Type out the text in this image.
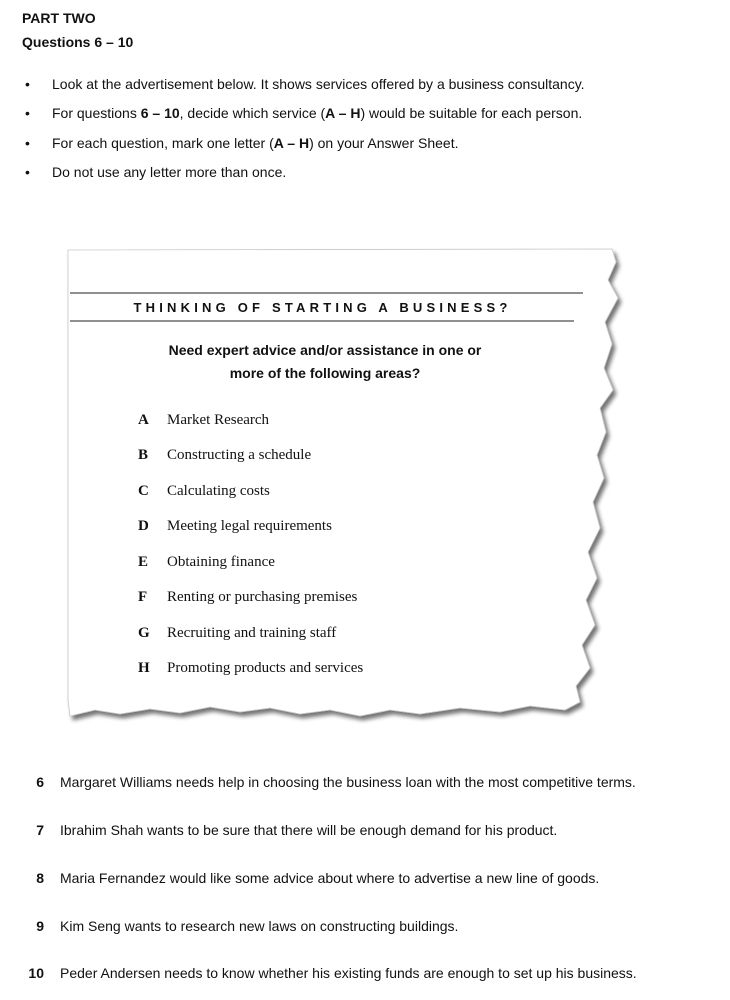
PART TWO
Questions 6 – 10
• Look at the advertisement below. It shows services offered by a business consultancy.
• For questions 6 – 10, decide which service (A – H) would be suitable for each person.
• For each question, mark one letter (A – H) on your Answer Sheet.
• Do not use any letter more than once.
THINKING OF STARTING A BUSINESS?
Need expert advice and/or assistance in one or
more of the following areas?
A	Market Research
B	Constructing a schedule
C	Calculating costs
D	Meeting legal requirements
E	Obtaining finance
F	Renting or purchasing premises
G	Recruiting and training staff
H	Promoting products and services
6 Margaret Williams needs help in choosing the business loan with the most competitive terms.
7 Ibrahim Shah wants to be sure that there will be enough demand for his product.
8 Maria Fernandez would like some advice about where to advertise a new line of goods.
9 Kim Seng wants to research new laws on constructing buildings.
10 Peder Andersen needs to know whether his existing funds are enough to set up his business.
